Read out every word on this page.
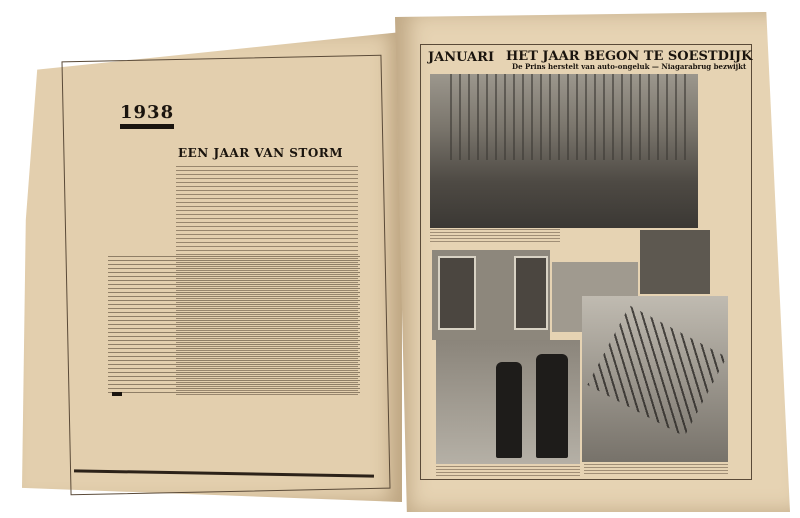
1938
EEN JAAR VAN STORM
JANUARI HET JAAR BEGON TE SOESTDIJK
De Prins herstelt van auto-ongeluk — Niagarabrug bezwijkt
